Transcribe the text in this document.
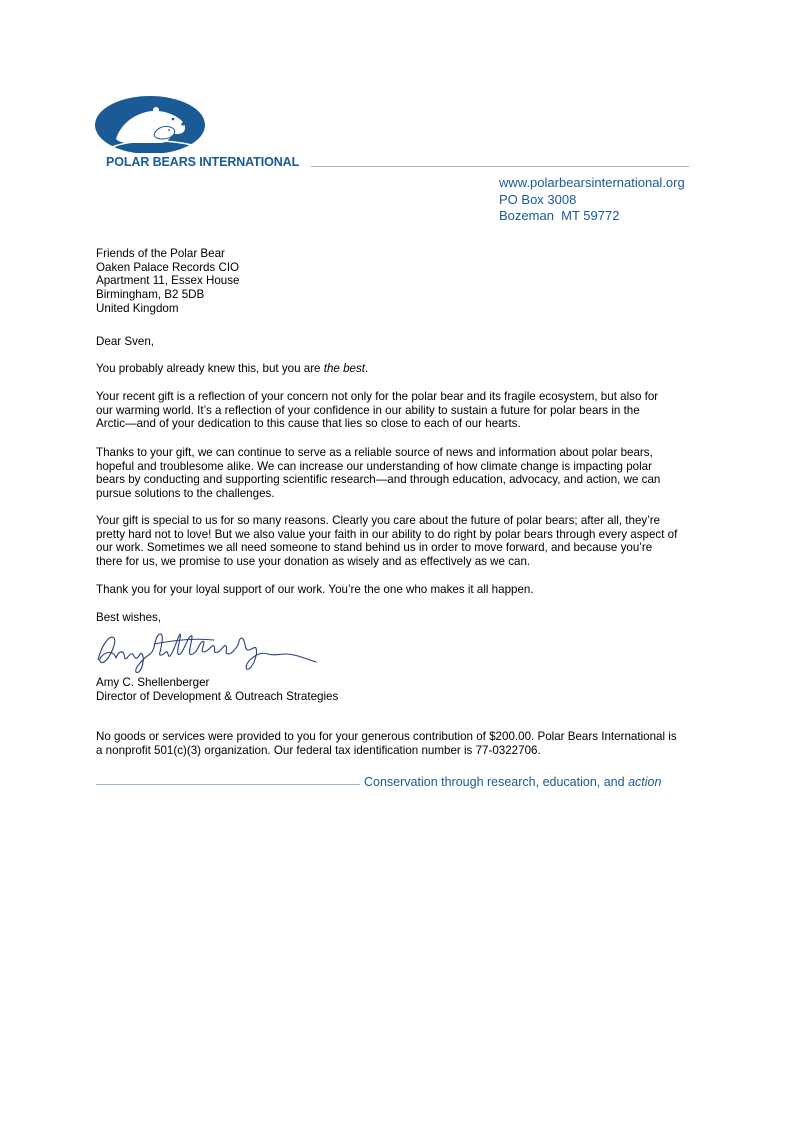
POLAR BEARS INTERNATIONAL
www.polarbearsinternational.org
PO Box 3008
Bozeman  MT 59772
Friends of the Polar Bear
Oaken Palace Records CIO
Apartment 11, Essex House
Birmingham, B2 5DB
United Kingdom
Dear Sven,
You probably already knew this, but you are the best.
Your recent gift is a reflection of your concern not only for the polar bear and its fragile ecosystem, but also for
our warming world. It’s a reflection of your confidence in our ability to sustain a future for polar bears in the
Arctic—and of your dedication to this cause that lies so close to each of our hearts.
Thanks to your gift, we can continue to serve as a reliable source of news and information about polar bears,
hopeful and troublesome alike. We can increase our understanding of how climate change is impacting polar
bears by conducting and supporting scientific research—and through education, advocacy, and action, we can
pursue solutions to the challenges.
Your gift is special to us for so many reasons. Clearly you care about the future of polar bears; after all, they’re
pretty hard not to love! But we also value your faith in our ability to do right by polar bears through every aspect of
our work. Sometimes we all need someone to stand behind us in order to move forward, and because you’re
there for us, we promise to use your donation as wisely and as effectively as we can.
Thank you for your loyal support of our work. You’re the one who makes it all happen.
Best wishes,
Amy C. Shellenberger
Director of Development & Outreach Strategies
No goods or services were provided to you for your generous contribution of $200.00. Polar Bears International is
a nonprofit 501(c)(3) organization. Our federal tax identification number is 77-0322706.
Conservation through research, education, and action
